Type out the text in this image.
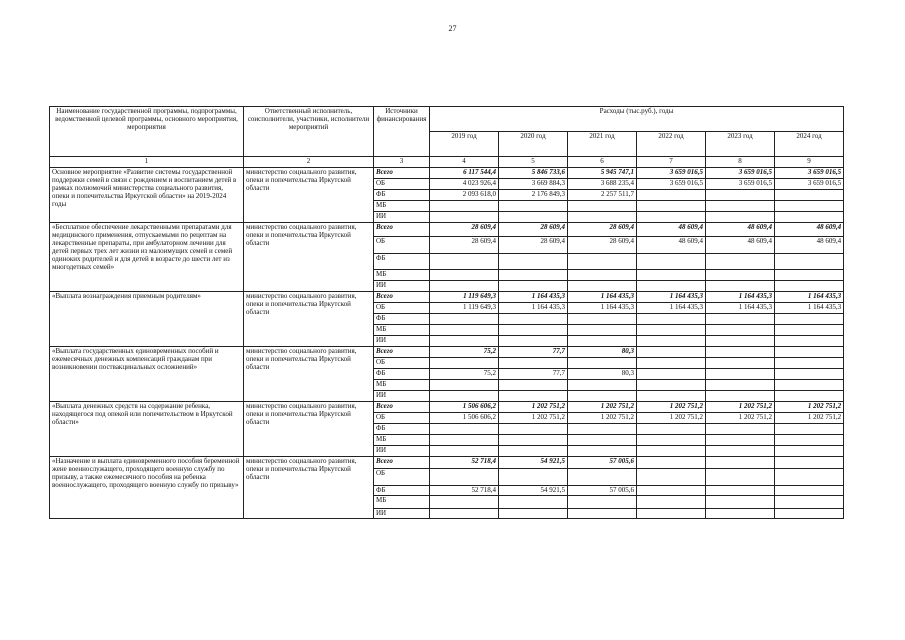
27
Наименование государственной программы, подпрограммы, ведомственной целевой программы, основного мероприятия, мероприятия	Ответственный исполнитель, соисполнители, участники, исполнители мероприятий	Источники финансирования	Расходы (тыс.руб.), годы					
			2019 год	2020 год	2021 год	2022 год	2023 год	2024 год
1	2	3	4	5	6	7	8	9
Основное мероприятие «Развитие системы государственной поддержки семей в связи с рождением и воспитанием детей в рамках полномочий министерства социального развития, опеки и попечительства Иркутской области» на 2019-2024 годы	министерство социального развития, опеки и попечительства Иркутской области	Всего	6 117 544,4	5 846 733,6	5 945 747,1	3 659 016,5	3 659 016,5	3 659 016,5
		ОБ	4 023 926,4	3 669 884,3	3 688 235,4	3 659 016,5	3 659 016,5	3 659 016,5
		ФБ	2 093 618,0	2 176 849,3	2 257 511,7			
		МБ						
		ИИ						
«Бесплатное обеспечение лекарственными препаратами для медицинского применения, отпускаемыми по рецептам на лекарственные препараты, при амбулаторном лечении для детей первых трех лет жизни из малоимущих семей и семей одиноких родителей и для детей в возрасте до шести лет из многодетных семей»	министерство социального развития, опеки и попечительства Иркутской области	Всего	28 609,4	28 609,4	28 609,4	48 609,4	48 609,4	48 609,4
		ОБ	28 609,4	28 609,4	28 609,4	48 609,4	48 609,4	48 609,4
		ФБ						
		МБ						
		ИИ						
«Выплата вознаграждения приемным родителям»	министерство социального развития, опеки и попечительства Иркутской области	Всего	1 119 649,3	1 164 435,3	1 164 435,3	1 164 435,3	1 164 435,3	1 164 435,3
		ОБ	1 119 649,3	1 164 435,3	1 164 435,3	1 164 435,3	1 164 435,3	1 164 435,3
		ФБ						
		МБ						
		ИИ						
«Выплата государственных единовременных пособий и ежемесячных денежных компенсаций гражданам при возникновении поствакцинальных осложнений»	министерство социального развития, опеки и попечительства Иркутской области	Всего	75,2	77,7	80,3			
		ОБ						
		ФБ	75,2	77,7	80,3			
		МБ						
		ИИ						
«Выплата денежных средств на содержание ребенка, находящегося под опекой или попечительством в Иркутской области»	министерство социального развития, опеки и попечительства Иркутской области	Всего	1 506 606,2	1 202 751,2	1 202 751,2	1 202 751,2	1 202 751,2	1 202 751,2
		ОБ	1 506 606,2	1 202 751,2	1 202 751,2	1 202 751,2	1 202 751,2	1 202 751,2
		ФБ						
		МБ						
		ИИ						
«Назначение и выплата единовременного пособия беременной жене военнослужащего, проходящего военную службу по призыву, а также ежемесячного пособия на ребенка военнослужащего, проходящего военную службу по призыву»	министерство социального развития, опеки и попечительства Иркутской области	Всего	52 718,4	54 921,5	57 005,6			
		ОБ						
		ФБ	52 718,4	54 921,5	57 005,6			
		МБ						
		ИИ						
